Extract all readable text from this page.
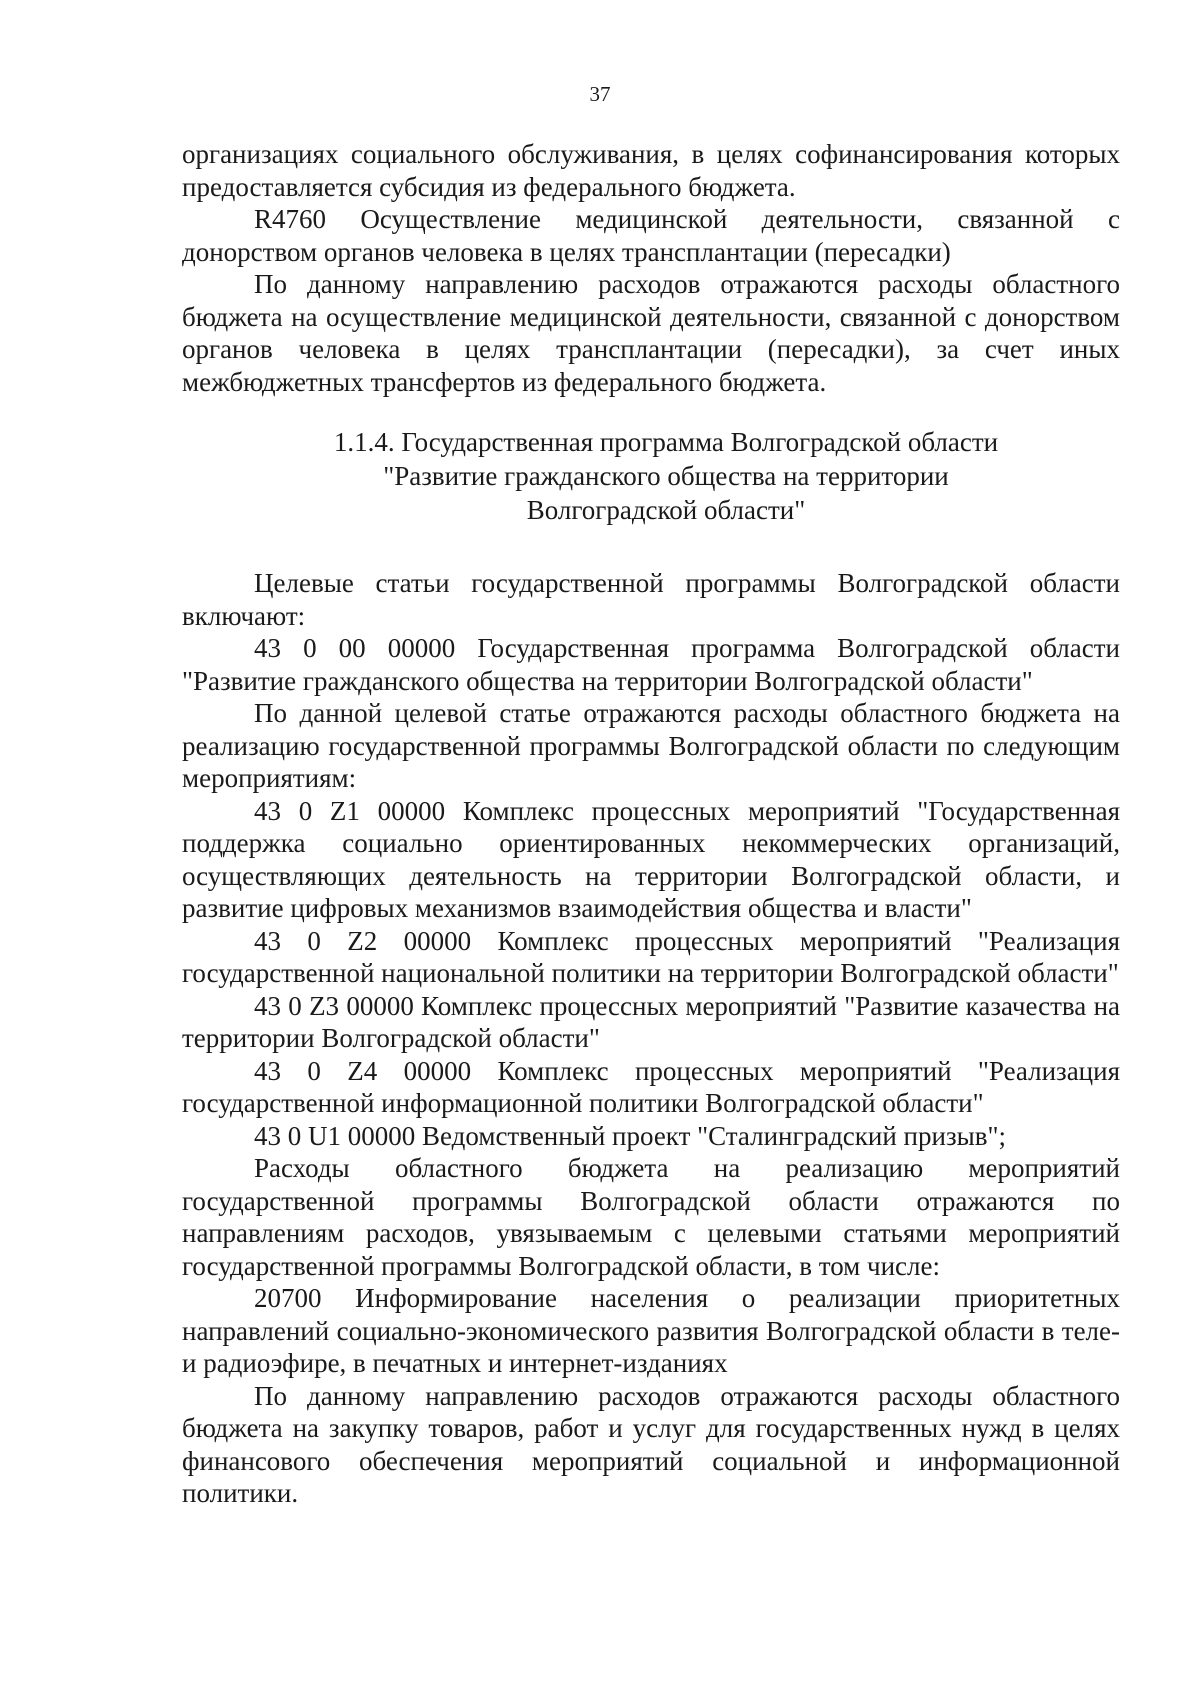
37

организациях социального обслуживания, в целях софинансирования которых предоставляется субсидия из федерального бюджета.

R4760 Осуществление медицинской деятельности, связанной с донорством органов человека в целях трансплантации (пересадки)

По данному направлению расходов отражаются расходы областного бюджета на осуществление медицинской деятельности, связанной с донорством органов человека в целях трансплантации (пересадки), за счет иных межбюджетных трансфертов из федерального бюджета.

1.1.4. Государственная программа Волгоградской области
"Развитие гражданского общества на территории
Волгоградской области"

Целевые статьи государственной программы Волгоградской области включают:

43 0 00 00000 Государственная программа Волгоградской области "Развитие гражданского общества на территории Волгоградской области"

По данной целевой статье отражаются расходы областного бюджета на реализацию государственной программы Волгоградской области по следующим мероприятиям:

43 0 Z1 00000 Комплекс процессных мероприятий "Государственная поддержка социально ориентированных некоммерческих организаций, осуществляющих деятельность на территории Волгоградской области, и развитие цифровых механизмов взаимодействия общества и власти"

43 0 Z2 00000 Комплекс процессных мероприятий "Реализация государственной национальной политики на территории Волгоградской области"

43 0 Z3 00000 Комплекс процессных мероприятий "Развитие казачества на территории Волгоградской области"

43 0 Z4 00000 Комплекс процессных мероприятий "Реализация государственной информационной политики Волгоградской области"

43 0 U1 00000 Ведомственный проект "Сталинградский призыв";

Расходы областного бюджета на реализацию мероприятий государственной программы Волгоградской области отражаются по направлениям расходов, увязываемым с целевыми статьями мероприятий государственной программы Волгоградской области, в том числе:

20700 Информирование населения о реализации приоритетных направлений социально-экономического развития Волгоградской области в теле- и радиоэфире, в печатных и интернет-изданиях

По данному направлению расходов отражаются расходы областного бюджета на закупку товаров, работ и услуг для государственных нужд в целях финансового обеспечения мероприятий социальной и информационной политики.
